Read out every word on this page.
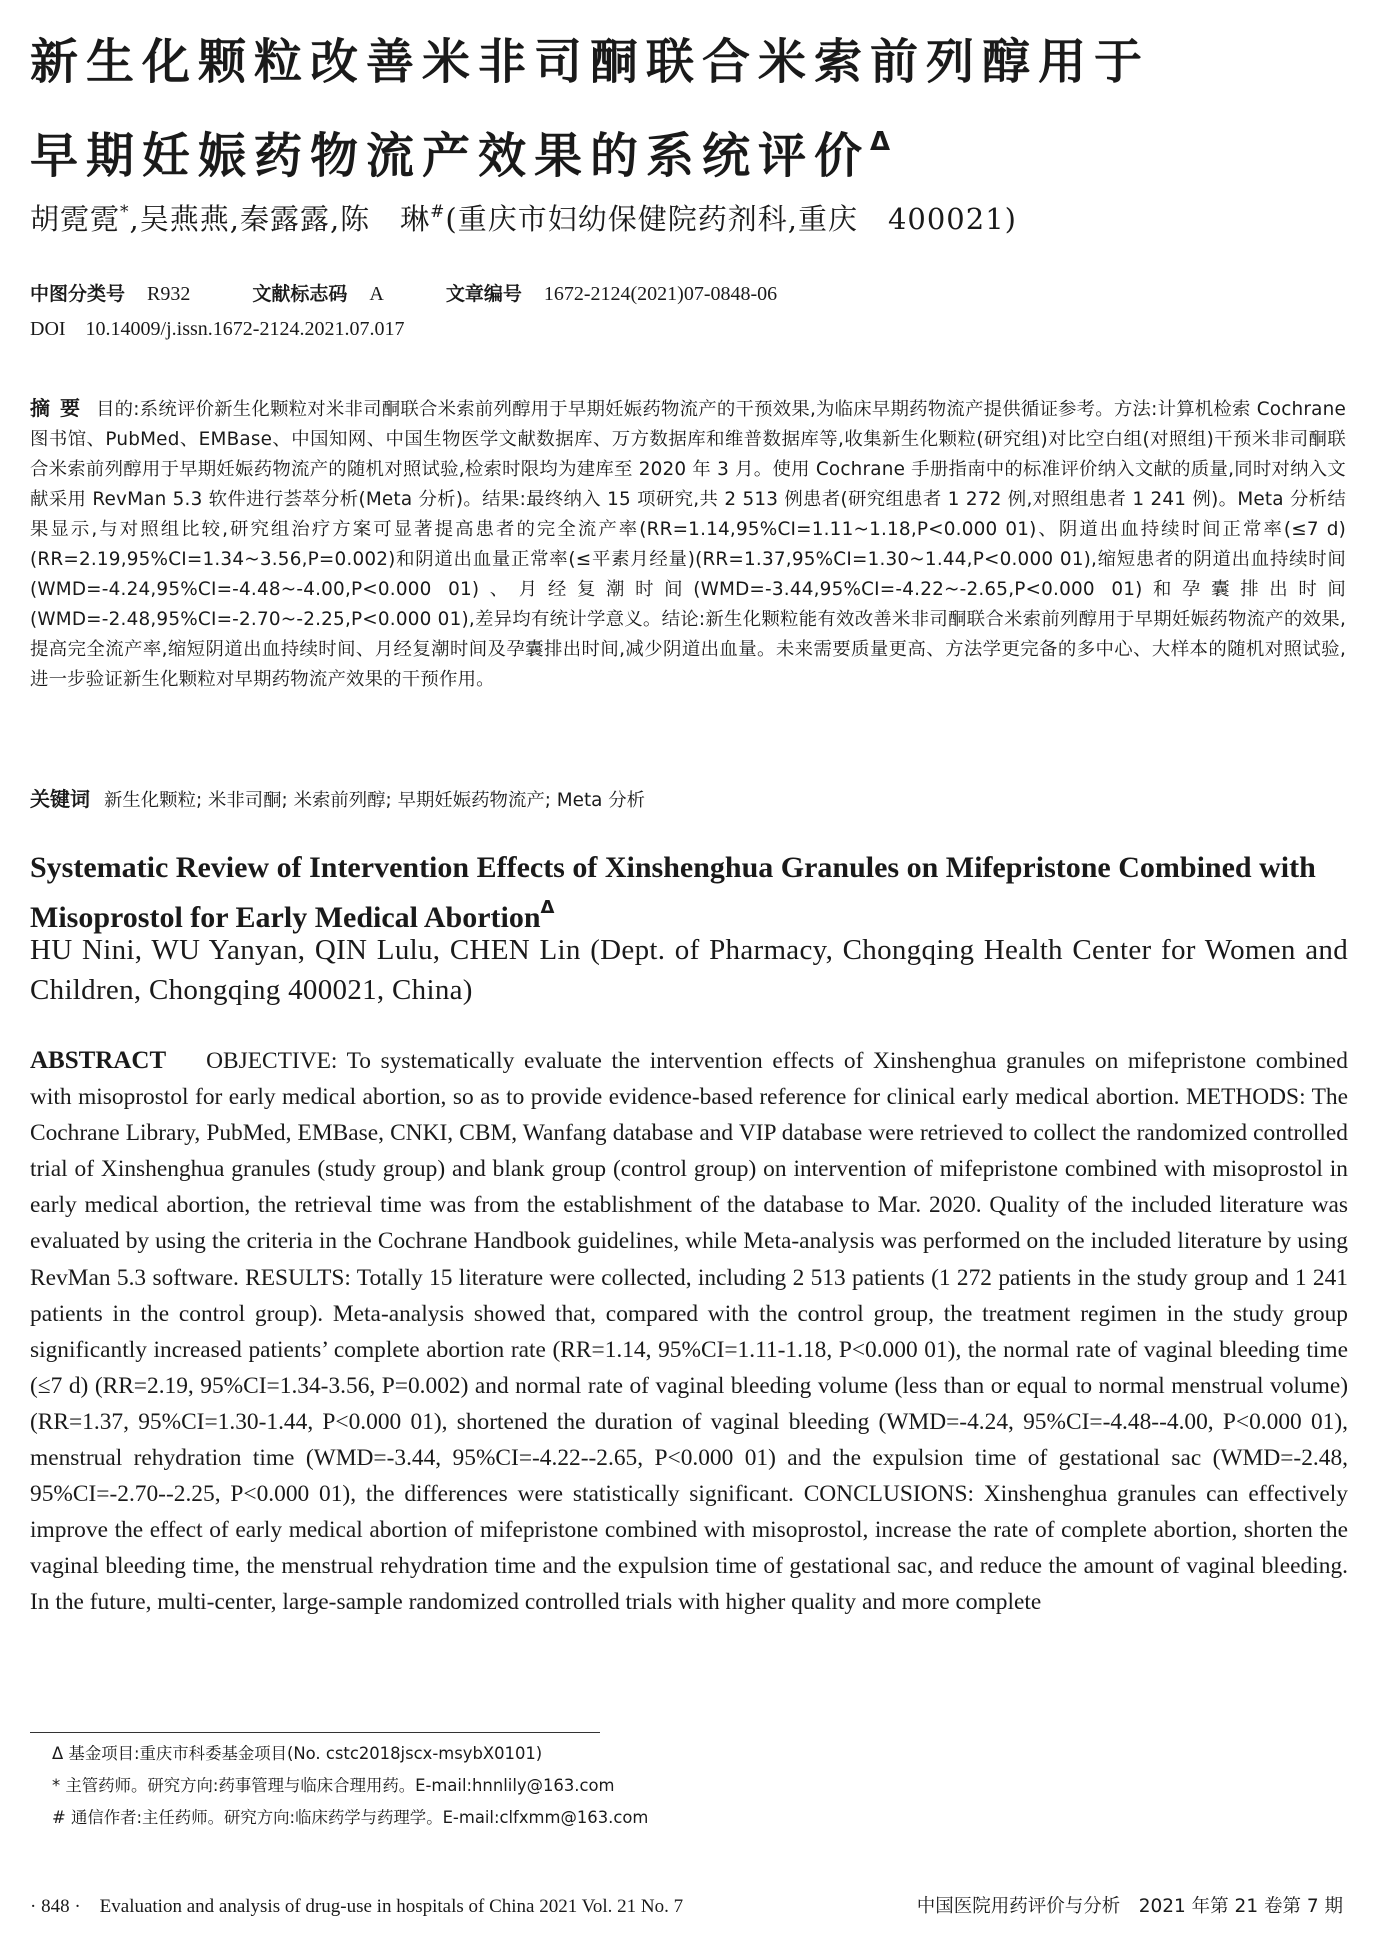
新生化颗粒改善米非司酮联合米索前列醇用于
早期妊娠药物流产效果的系统评价$^\Delta$
胡霓霓*,吴燕燕,秦露露,陈　琳#(重庆市妇幼保健院药剂科,重庆　400021)
中图分类号 R932	文献标志码 A	文章编号 1672-2124(2021)07-0848-06
DOI　10.14009/j.issn.1672-2124.2021.07.017
摘要 目的:系统评价新生化颗粒对米非司酮联合米索前列醇用于早期妊娠药物流产的干预效果,为临床早期药物流产提供循证参考。方法:计算机检索 Cochrane 图书馆、PubMed、EMBase、中国知网、中国生物医学文献数据库、万方数据库和维普数据库等,收集新生化颗粒(研究组)对比空白组(对照组)干预米非司酮联合米索前列醇用于早期妊娠药物流产的随机对照试验,检索时限均为建库至 2020 年 3 月。使用 Cochrane 手册指南中的标准评价纳入文献的质量,同时对纳入文献采用 RevMan 5.3 软件进行荟萃分析(Meta 分析)。结果:最终纳入 15 项研究,共 2 513 例患者(研究组患者 1 272 例,对照组患者 1 241 例)。Meta 分析结果显示,与对照组比较,研究组治疗方案可显著提高患者的完全流产率(RR=1.14,95%CI=1.11~1.18,P<0.000 01)、阴道出血持续时间正常率(≤7 d)(RR=2.19,95%CI=1.34~3.56,P=0.002)和阴道出血量正常率(≤平素月经量)(RR=1.37,95%CI=1.30~1.44,P<0.000 01),缩短患者的阴道出血持续时间(WMD=-4.24,95%CI=-4.48~-4.00,P<0.000 01)、月经复潮时间(WMD=-3.44,95%CI=-4.22~-2.65,P<0.000 01)和孕囊排出时间(WMD=-2.48,95%CI=-2.70~-2.25,P<0.000 01),差异均有统计学意义。结论:新生化颗粒能有效改善米非司酮联合米索前列醇用于早期妊娠药物流产的效果,提高完全流产率,缩短阴道出血持续时间、月经复潮时间及孕囊排出时间,减少阴道出血量。未来需要质量更高、方法学更完备的多中心、大样本的随机对照试验,进一步验证新生化颗粒对早期药物流产效果的干预作用。
关键词 新生化颗粒; 米非司酮; 米索前列醇; 早期妊娠药物流产; Meta 分析
Systematic Review of Intervention Effects of Xinshenghua Granules on Mifepristone Combined with Misoprostol for Early Medical Abortion$^\Delta$
HU Nini, WU Yanyan, QIN Lulu, CHEN Lin (Dept. of Pharmacy, Chongqing Health Center for Women and Children, Chongqing 400021, China)
ABSTRACT OBJECTIVE: To systematically evaluate the intervention effects of Xinshenghua granules on mifepristone combined with misoprostol for early medical abortion, so as to provide evidence-based reference for clinical early medical abortion. METHODS: The Cochrane Library, PubMed, EMBase, CNKI, CBM, Wanfang database and VIP database were retrieved to collect the randomized controlled trial of Xinshenghua granules (study group) and blank group (control group) on intervention of mifepristone combined with misoprostol in early medical abortion, the retrieval time was from the establishment of the database to Mar. 2020. Quality of the included literature was evaluated by using the criteria in the Cochrane Handbook guidelines, while Meta-analysis was performed on the included literature by using RevMan 5.3 software. RESULTS: Totally 15 literature were collected, including 2 513 patients (1 272 patients in the study group and 1 241 patients in the control group). Meta-analysis showed that, compared with the control group, the treatment regimen in the study group significantly increased patients’ complete abortion rate (RR=1.14, 95%CI=1.11-1.18, P<0.000 01), the normal rate of vaginal bleeding time (≤7 d) (RR=2.19, 95%CI=1.34-3.56, P=0.002) and normal rate of vaginal bleeding volume (less than or equal to normal menstrual volume) (RR=1.37, 95%CI=1.30-1.44, P<0.000 01), shortened the duration of vaginal bleeding (WMD=-4.24, 95%CI=-4.48--4.00, P<0.000 01), menstrual rehydration time (WMD=-3.44, 95%CI=-4.22--2.65, P<0.000 01) and the expulsion time of gestational sac (WMD=-2.48, 95%CI=-2.70--2.25, P<0.000 01), the differences were statistically significant. CONCLUSIONS: Xinshenghua granules can effectively improve the effect of early medical abortion of mifepristone combined with misoprostol, increase the rate of complete abortion, shorten the vaginal bleeding time, the menstrual rehydration time and the expulsion time of gestational sac, and reduce the amount of vaginal bleeding. In the future, multi-center, large-sample randomized controlled trials with higher quality and more complete
Δ 基金项目:重庆市科委基金项目(No. cstc2018jscx-msybX0101)
* 主管药师。研究方向:药事管理与临床合理用药。E-mail:hnnlily@163.com
# 通信作者:主任药师。研究方向:临床药学与药理学。E-mail:clfxmm@163.com
· 848 ·　Evaluation and analysis of drug-use in hospitals of China 2021 Vol. 21 No. 7	中国医院用药评价与分析　2021 年第 21 卷第 7 期
